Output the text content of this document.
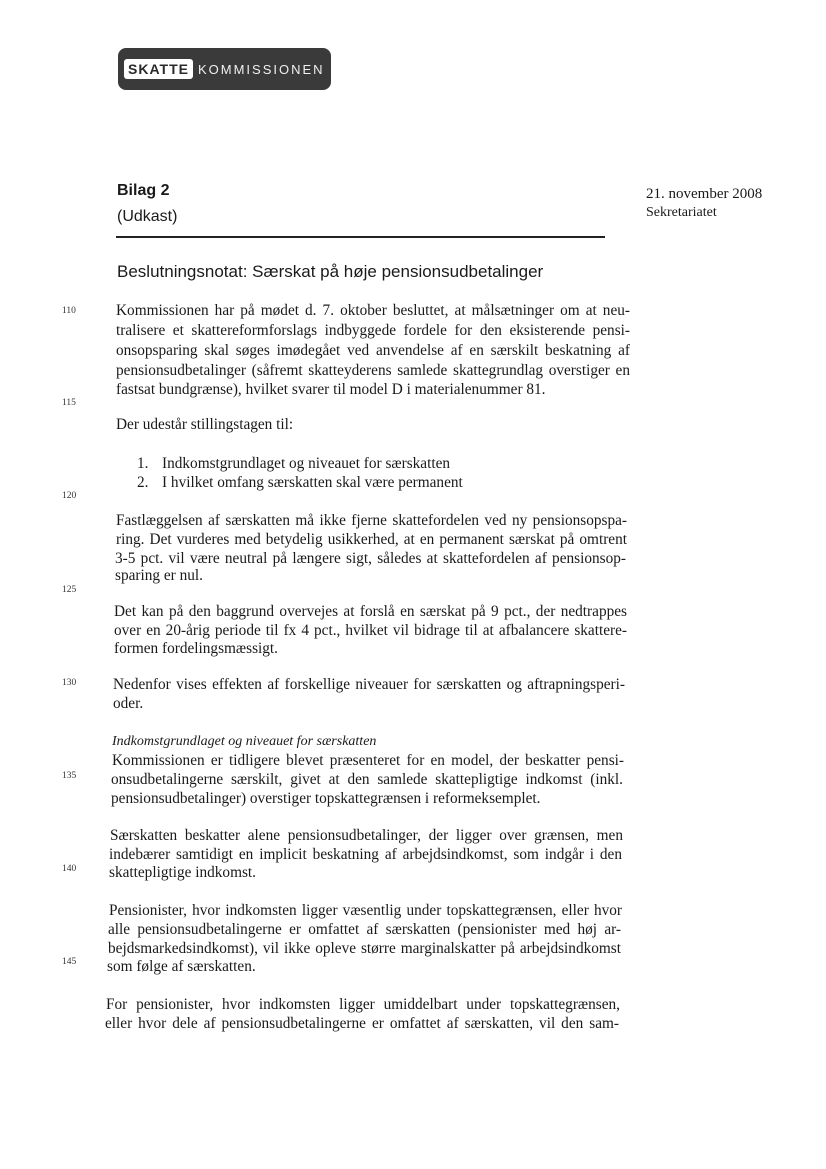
SKATTE KOMMISSIONEN
Bilag 2
(Udkast)
21. november 2008
Sekretariatet
Beslutningsnotat: Særskat på høje pensionsudbetalinger
110
115
120
125
130
135
140
145
Kommissionen har på mødet d. 7. oktober besluttet, at målsætninger om at neu-
tralisere et skattereformforslags indbyggede fordele for den eksisterende pensi-
onsopsparing skal søges imødegået ved anvendelse af en særskilt beskatning af
pensionsudbetalinger (såfremt skatteyderens samlede skattegrundlag overstiger en
fastsat bundgrænse), hvilket svarer til model D i materialenummer 81.
Der udestår stillingstagen til:
1. Indkomstgrundlaget og niveauet for særskatten
2. I hvilket omfang særskatten skal være permanent
Fastlæggelsen af særskatten må ikke fjerne skattefordelen ved ny pensionsopspa-
ring. Det vurderes med betydelig usikkerhed, at en permanent særskat på omtrent
3-5 pct. vil være neutral på længere sigt, således at skattefordelen af pensionsop-
sparing er nul.
Det kan på den baggrund overvejes at forslå en særskat på 9 pct., der nedtrappes
over en 20-årig periode til fx 4 pct., hvilket vil bidrage til at afbalancere skattere-
formen fordelingsmæssigt.
Nedenfor vises effekten af forskellige niveauer for særskatten og aftrapningsperi-
oder.
Indkomstgrundlaget og niveauet for særskatten
Kommissionen er tidligere blevet præsenteret for en model, der beskatter pensi-
onsudbetalingerne særskilt, givet at den samlede skattepligtige indkomst (inkl.
pensionsudbetalinger) overstiger topskattegrænsen i reformeksemplet.
Særskatten beskatter alene pensionsudbetalinger, der ligger over grænsen, men
indebærer samtidigt en implicit beskatning af arbejdsindkomst, som indgår i den
skattepligtige indkomst.
Pensionister, hvor indkomsten ligger væsentlig under topskattegrænsen, eller hvor
alle pensionsudbetalingerne er omfattet af særskatten (pensionister med høj ar-
bejdsmarkedsindkomst), vil ikke opleve større marginalskatter på arbejdsindkomst
som følge af særskatten.
For pensionister, hvor indkomsten ligger umiddelbart under topskattegrænsen,
eller hvor dele af pensionsudbetalingerne er omfattet af særskatten, vil den sam-
